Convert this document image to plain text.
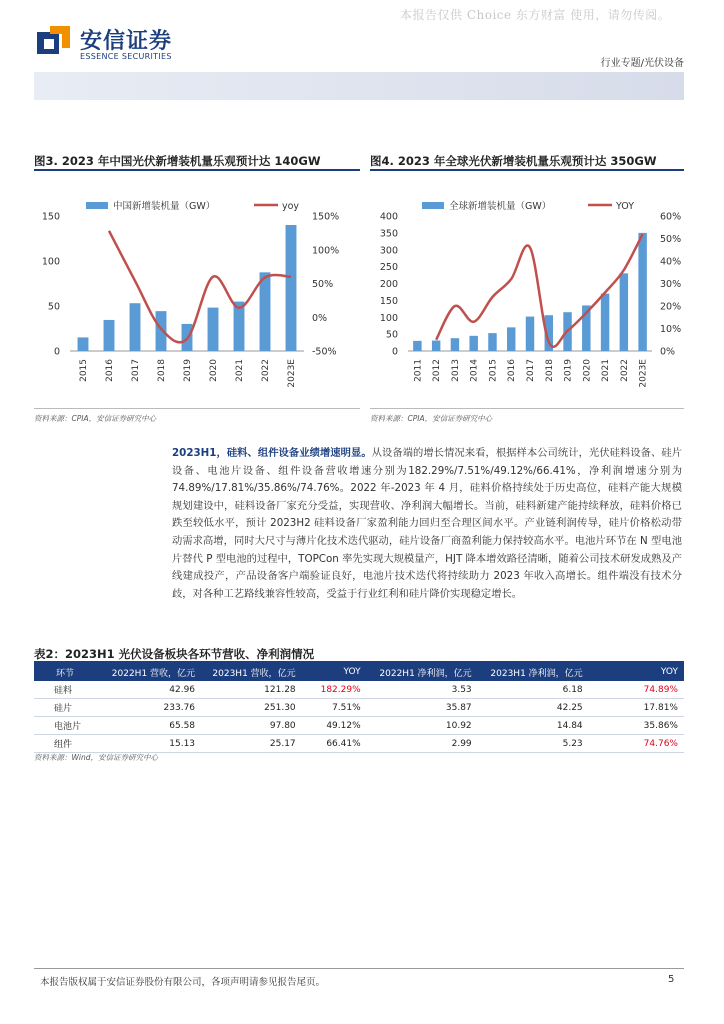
本报告仅供 Choice 东方财富 使用，请勿传阅。
安信证券
ESSENCE SECURITIES
行业专题/光伏设备
图3. 2023 年中国光伏新增装机量乐观预计达 140GW
中国新增装机量（GW）	yoy
0
50
100
150
-50%
0%
50%
100%
150%
2015 2016 2017 2018 2019 2020 2021 2022 2023E
资料来源：CPIA，安信证券研究中心
图4. 2023 年全球光伏新增装机量乐观预计达 350GW
全球新增装机量（GW）	YOY
0
50
100
150
200
250
300
350
400
0%
10%
20%
30%
40%
50%
60%
2011 2012 2013 2014 2015 2016 2017 2018 2019 2020 2021 2022 2023E
资料来源：CPIA，安信证券研究中心
2023H1，硅料、组件设备业绩增速明显。从设备端的增长情况来看，根据样本公司统计，光伏硅料设备、硅片设备、电池片设备、组件设备营收增速分别为182.29%/7.51%/49.12%/66.41%，净利润增速分别为 74.89%/17.81%/35.86%/74.76%。2022 年-2023 年 4 月，硅料价格持续处于历史高位，硅料产能大规模规划建设中，硅料设备厂家充分受益，实现营收、净利润大幅增长。当前，硅料新建产能持续释放，硅料价格已跌至较低水平，预计 2023H2 硅料设备厂家盈利能力回归至合理区间水平。产业链利润传导，硅片价格松动带动需求高增，同时大尺寸与薄片化技术迭代驱动，硅片设备厂商盈利能力保持较高水平。电池片环节在 N 型电池片替代 P 型电池的过程中，TOPCon 率先实现大规模量产，HJT 降本增效路径清晰，随着公司技术研发成熟及产线建成投产，产品设备客户端验证良好，电池片技术迭代将持续助力 2023 年收入高增长。组件端没有技术分歧，对各种工艺路线兼容性较高，受益于行业红利和硅片降价实现稳定增长。
表2：2023H1 光伏设备板块各环节营收、净利润情况
环节	2022H1 营收，亿元	2023H1 营收，亿元	YOY	2022H1 净利润，亿元	2023H1 净利润，亿元	YOY
硅料	42.96	121.28	182.29%	3.53	6.18	74.89%
硅片	233.76	251.30	7.51%	35.87	42.25	17.81%
电池片	65.58	97.80	49.12%	10.92	14.84	35.86%
组件	15.13	25.17	66.41%	2.99	5.23	74.76%
资料来源：Wind，安信证券研究中心
本报告版权属于安信证券股份有限公司，各项声明请参见报告尾页。	5
